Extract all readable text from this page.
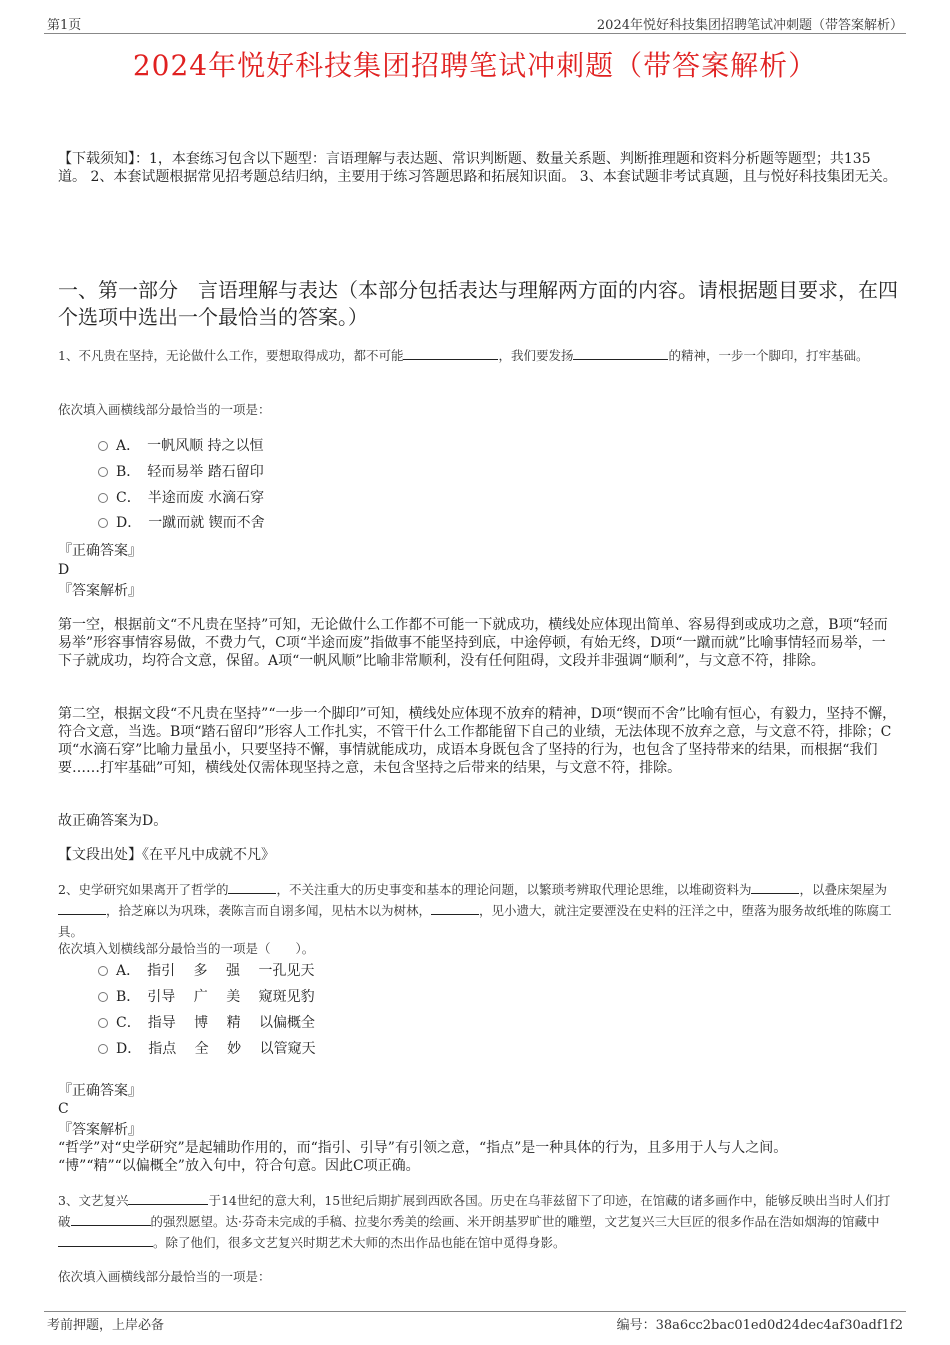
第1页	2024年悦好科技集团招聘笔试冲刺题（带答案解析）
2024年悦好科技集团招聘笔试冲刺题（带答案解析）
【下载须知】：1，本套练习包含以下题型：言语理解与表达题、常识判断题、数量关系题、判断推理题和资料分析题等题型；共135道。 2、本套试题根据常见招考题总结归纳，主要用于练习答题思路和拓展知识面。 3、本套试题非考试真题，且与悦好科技集团无关。
一、第一部分　言语理解与表达（本部分包括表达与理解两方面的内容。请根据题目要求，在四个选项中选出一个最恰当的答案。）
1、不凡贵在坚持，无论做什么工作，要想取得成功，都不可能	，我们要发扬	的精神，一步一个脚印，打牢基础。
依次填入画横线部分最恰当的一项是：
A．　一帆风顺 持之以恒
B．　轻而易举 踏石留印
C．　半途而废 水滴石穿
D．　一蹴而就 锲而不舍
『正确答案』
D
『答案解析』
第一空，根据前文“不凡贵在坚持”可知，无论做什么工作都不可能一下就成功，横线处应体现出简单、容易得到或成功之意，B项“轻而易举”形容事情容易做，不费力气，C项“半途而废”指做事不能坚持到底，中途停顿，有始无终，D项“一蹴而就”比喻事情轻而易举，一下子就成功，均符合文意，保留。A项“一帆风顺”比喻非常顺利，没有任何阻碍，文段并非强调“顺利”，与文意不符，排除。
第二空，根据文段“不凡贵在坚持”“一步一个脚印”可知，横线处应体现不放弃的精神，D项“锲而不舍”比喻有恒心，有毅力，坚持不懈，符合文意，当选。B项“踏石留印”形容人工作扎实，不管干什么工作都能留下自己的业绩，无法体现不放弃之意，与文意不符，排除；C项“水滴石穿”比喻力量虽小，只要坚持不懈，事情就能成功，成语本身既包含了坚持的行为，也包含了坚持带来的结果，而根据“我们要……打牢基础”可知，横线处仅需体现坚持之意，未包含坚持之后带来的结果，与文意不符，排除。
故正确答案为D。
【文段出处】《在平凡中成就不凡》
2、史学研究如果离开了哲学的	，不关注重大的历史事变和基本的理论问题，以繁琐考辨取代理论思维，以堆砌资料为	，以叠床架屋为，拾芝麻以为巩珠，袭陈言而自诩多闻，见枯木以为树林，	，见小遗大，就注定要湮没在史料的汪洋之中，堕落为服务故纸堆的陈腐工具。
依次填入划横线部分最恰当的一项是（　　）。
A．　指引　 多　 强　 一孔见天
B．　引导　 广　 美　 窥斑见豹
C．　指导　 博　 精　 以偏概全
D．　指点　 全　 妙　 以管窥天
『正确答案』
C
『答案解析』
“哲学”对“史学研究”是起辅助作用的，而“指引、引导”有引领之意，“指点”是一种具体的行为，且多用于人与人之间。
“博”“精”“以偏概全”放入句中，符合句意。因此C项正确。
3、文艺复兴	于14世纪的意大利，15世纪后期扩展到西欧各国。历史在乌菲兹留下了印迹，在馆藏的诸多画作中，能够反映出当时人们打破	的强烈愿望。达·芬奇未完成的手稿、拉斐尔秀美的绘画、米开朗基罗旷世的雕塑，文艺复兴三大巨匠的很多作品在浩如烟海的馆藏中。除了他们，很多文艺复兴时期艺术大师的杰出作品也能在馆中觅得身影。
依次填入画横线部分最恰当的一项是：
考前押题，上岸必备	编号：38a6cc2bac01ed0d24dec4af30adf1f2
